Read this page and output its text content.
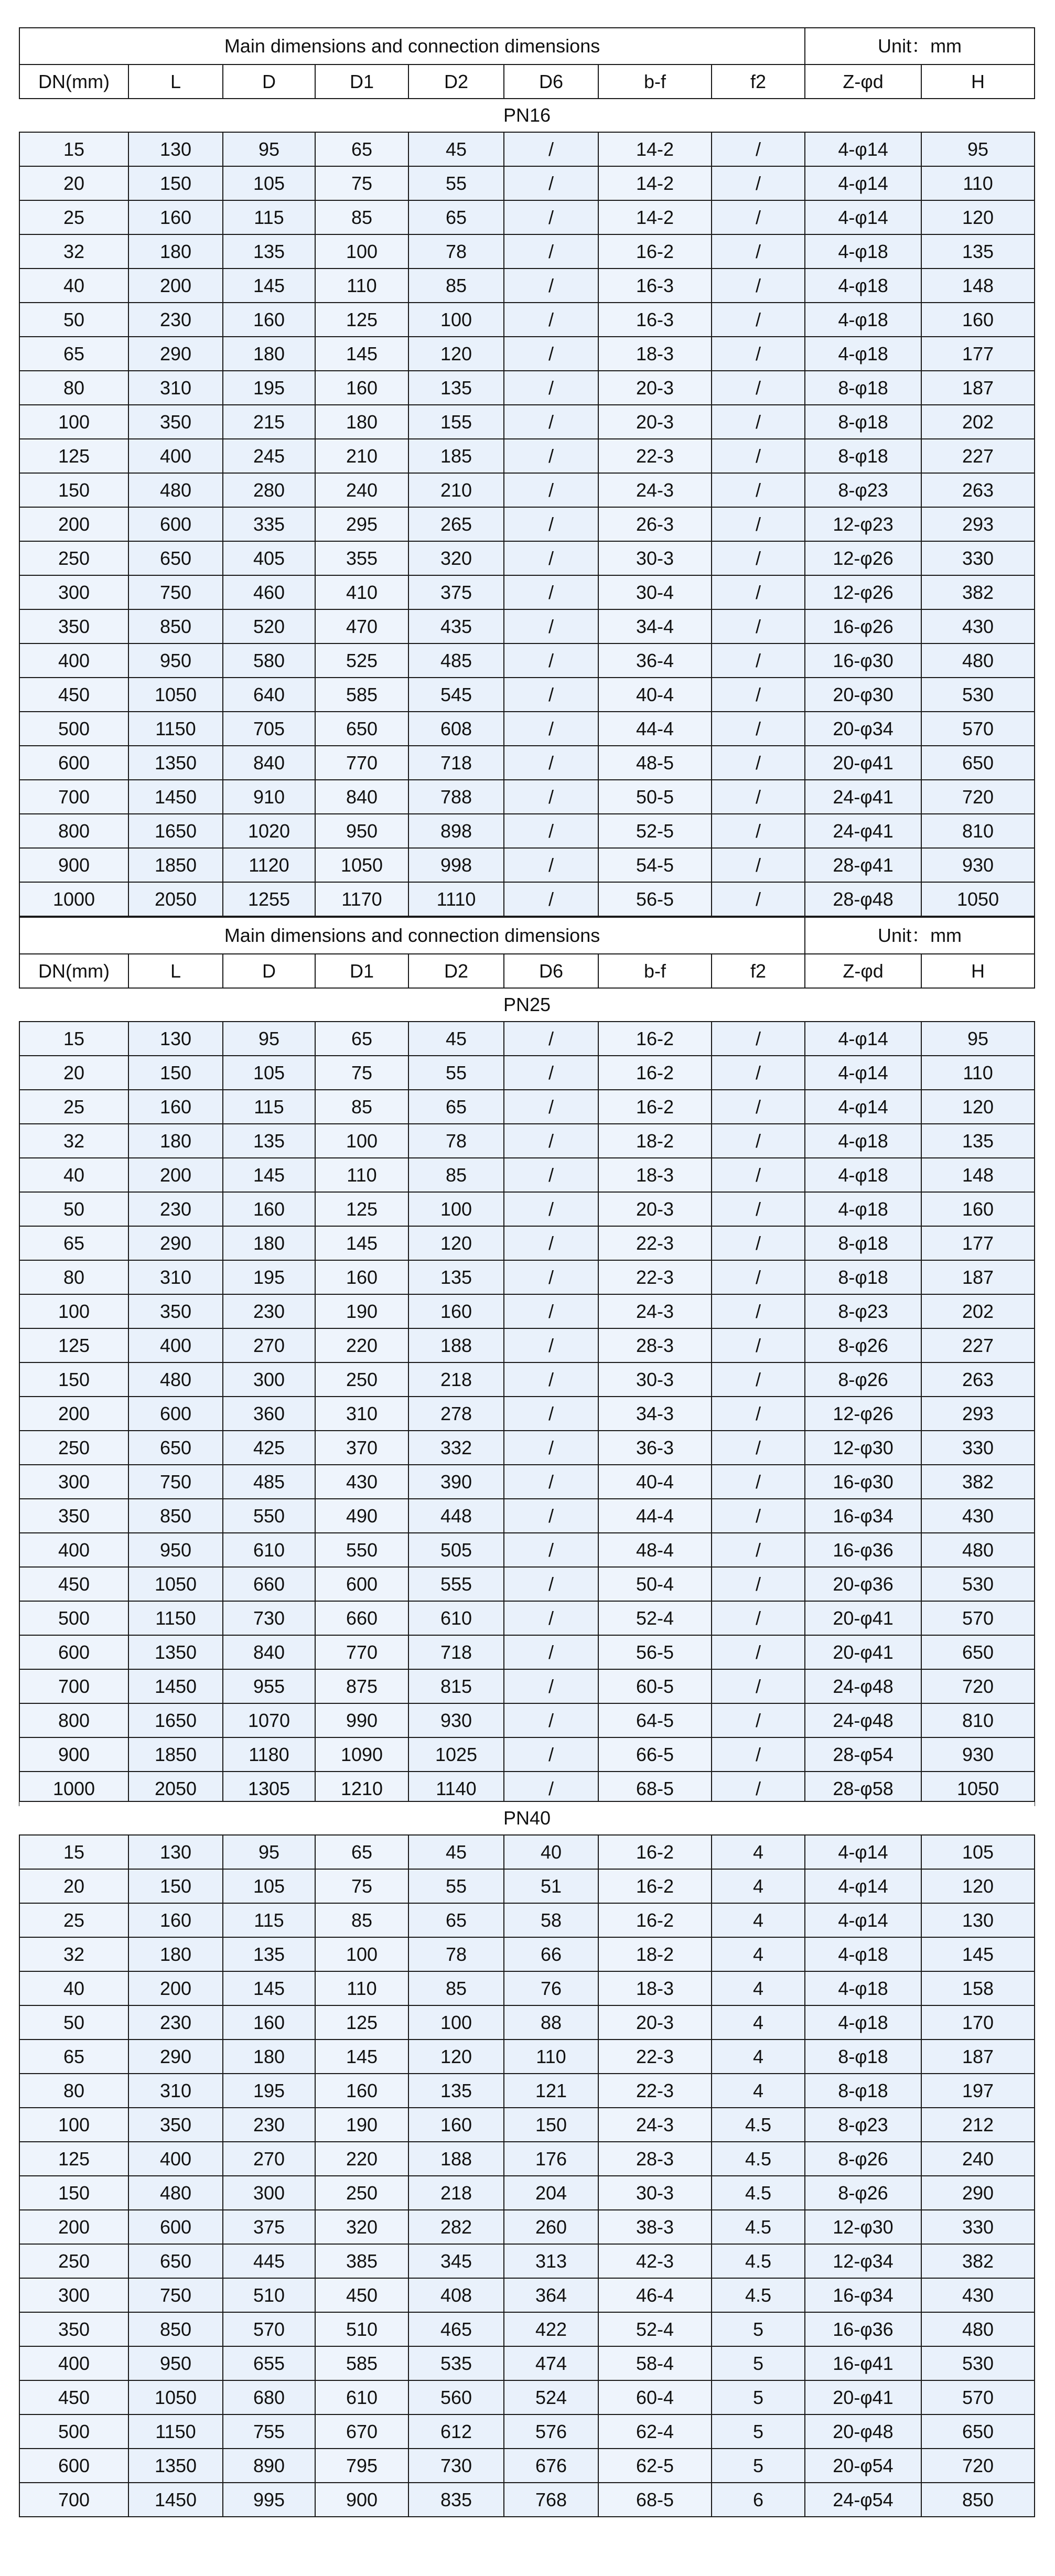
Main dimensions and connection dimensions								Unit：mm	
DN(mm)	L	D	D1	D2	D6	b-f	f2	Z-φd	H
PN16									
15	130	95	65	45	/	14-2	/	4-φ14	95
20	150	105	75	55	/	14-2	/	4-φ14	110
25	160	115	85	65	/	14-2	/	4-φ14	120
32	180	135	100	78	/	16-2	/	4-φ18	135
40	200	145	110	85	/	16-3	/	4-φ18	148
50	230	160	125	100	/	16-3	/	4-φ18	160
65	290	180	145	120	/	18-3	/	4-φ18	177
80	310	195	160	135	/	20-3	/	8-φ18	187
100	350	215	180	155	/	20-3	/	8-φ18	202
125	400	245	210	185	/	22-3	/	8-φ18	227
150	480	280	240	210	/	24-3	/	8-φ23	263
200	600	335	295	265	/	26-3	/	12-φ23	293
250	650	405	355	320	/	30-3	/	12-φ26	330
300	750	460	410	375	/	30-4	/	12-φ26	382
350	850	520	470	435	/	34-4	/	16-φ26	430
400	950	580	525	485	/	36-4	/	16-φ30	480
450	1050	640	585	545	/	40-4	/	20-φ30	530
500	1150	705	650	608	/	44-4	/	20-φ34	570
600	1350	840	770	718	/	48-5	/	20-φ41	650
700	1450	910	840	788	/	50-5	/	24-φ41	720
800	1650	1020	950	898	/	52-5	/	24-φ41	810
900	1850	1120	1050	998	/	54-5	/	28-φ41	930
1000	2050	1255	1170	1110	/	56-5	/	28-φ48	1050
Main dimensions and connection dimensions								Unit：mm	
DN(mm)	L	D	D1	D2	D6	b-f	f2	Z-φd	H
PN25									
15	130	95	65	45	/	16-2	/	4-φ14	95
20	150	105	75	55	/	16-2	/	4-φ14	110
25	160	115	85	65	/	16-2	/	4-φ14	120
32	180	135	100	78	/	18-2	/	4-φ18	135
40	200	145	110	85	/	18-3	/	4-φ18	148
50	230	160	125	100	/	20-3	/	4-φ18	160
65	290	180	145	120	/	22-3	/	8-φ18	177
80	310	195	160	135	/	22-3	/	8-φ18	187
100	350	230	190	160	/	24-3	/	8-φ23	202
125	400	270	220	188	/	28-3	/	8-φ26	227
150	480	300	250	218	/	30-3	/	8-φ26	263
200	600	360	310	278	/	34-3	/	12-φ26	293
250	650	425	370	332	/	36-3	/	12-φ30	330
300	750	485	430	390	/	40-4	/	16-φ30	382
350	850	550	490	448	/	44-4	/	16-φ34	430
400	950	610	550	505	/	48-4	/	16-φ36	480
450	1050	660	600	555	/	50-4	/	20-φ36	530
500	1150	730	660	610	/	52-4	/	20-φ41	570
600	1350	840	770	718	/	56-5	/	20-φ41	650
700	1450	955	875	815	/	60-5	/	24-φ48	720
800	1650	1070	990	930	/	64-5	/	24-φ48	810
900	1850	1180	1090	1025	/	66-5	/	28-φ54	930
1000	2050	1305	1210	1140	/	68-5	/	28-φ58	1050
PN40									
15	130	95	65	45	40	16-2	4	4-φ14	105
20	150	105	75	55	51	16-2	4	4-φ14	120
25	160	115	85	65	58	16-2	4	4-φ14	130
32	180	135	100	78	66	18-2	4	4-φ18	145
40	200	145	110	85	76	18-3	4	4-φ18	158
50	230	160	125	100	88	20-3	4	4-φ18	170
65	290	180	145	120	110	22-3	4	8-φ18	187
80	310	195	160	135	121	22-3	4	8-φ18	197
100	350	230	190	160	150	24-3	4.5	8-φ23	212
125	400	270	220	188	176	28-3	4.5	8-φ26	240
150	480	300	250	218	204	30-3	4.5	8-φ26	290
200	600	375	320	282	260	38-3	4.5	12-φ30	330
250	650	445	385	345	313	42-3	4.5	12-φ34	382
300	750	510	450	408	364	46-4	4.5	16-φ34	430
350	850	570	510	465	422	52-4	5	16-φ36	480
400	950	655	585	535	474	58-4	5	16-φ41	530
450	1050	680	610	560	524	60-4	5	20-φ41	570
500	1150	755	670	612	576	62-4	5	20-φ48	650
600	1350	890	795	730	676	62-5	5	20-φ54	720
700	1450	995	900	835	768	68-5	6	24-φ54	850
